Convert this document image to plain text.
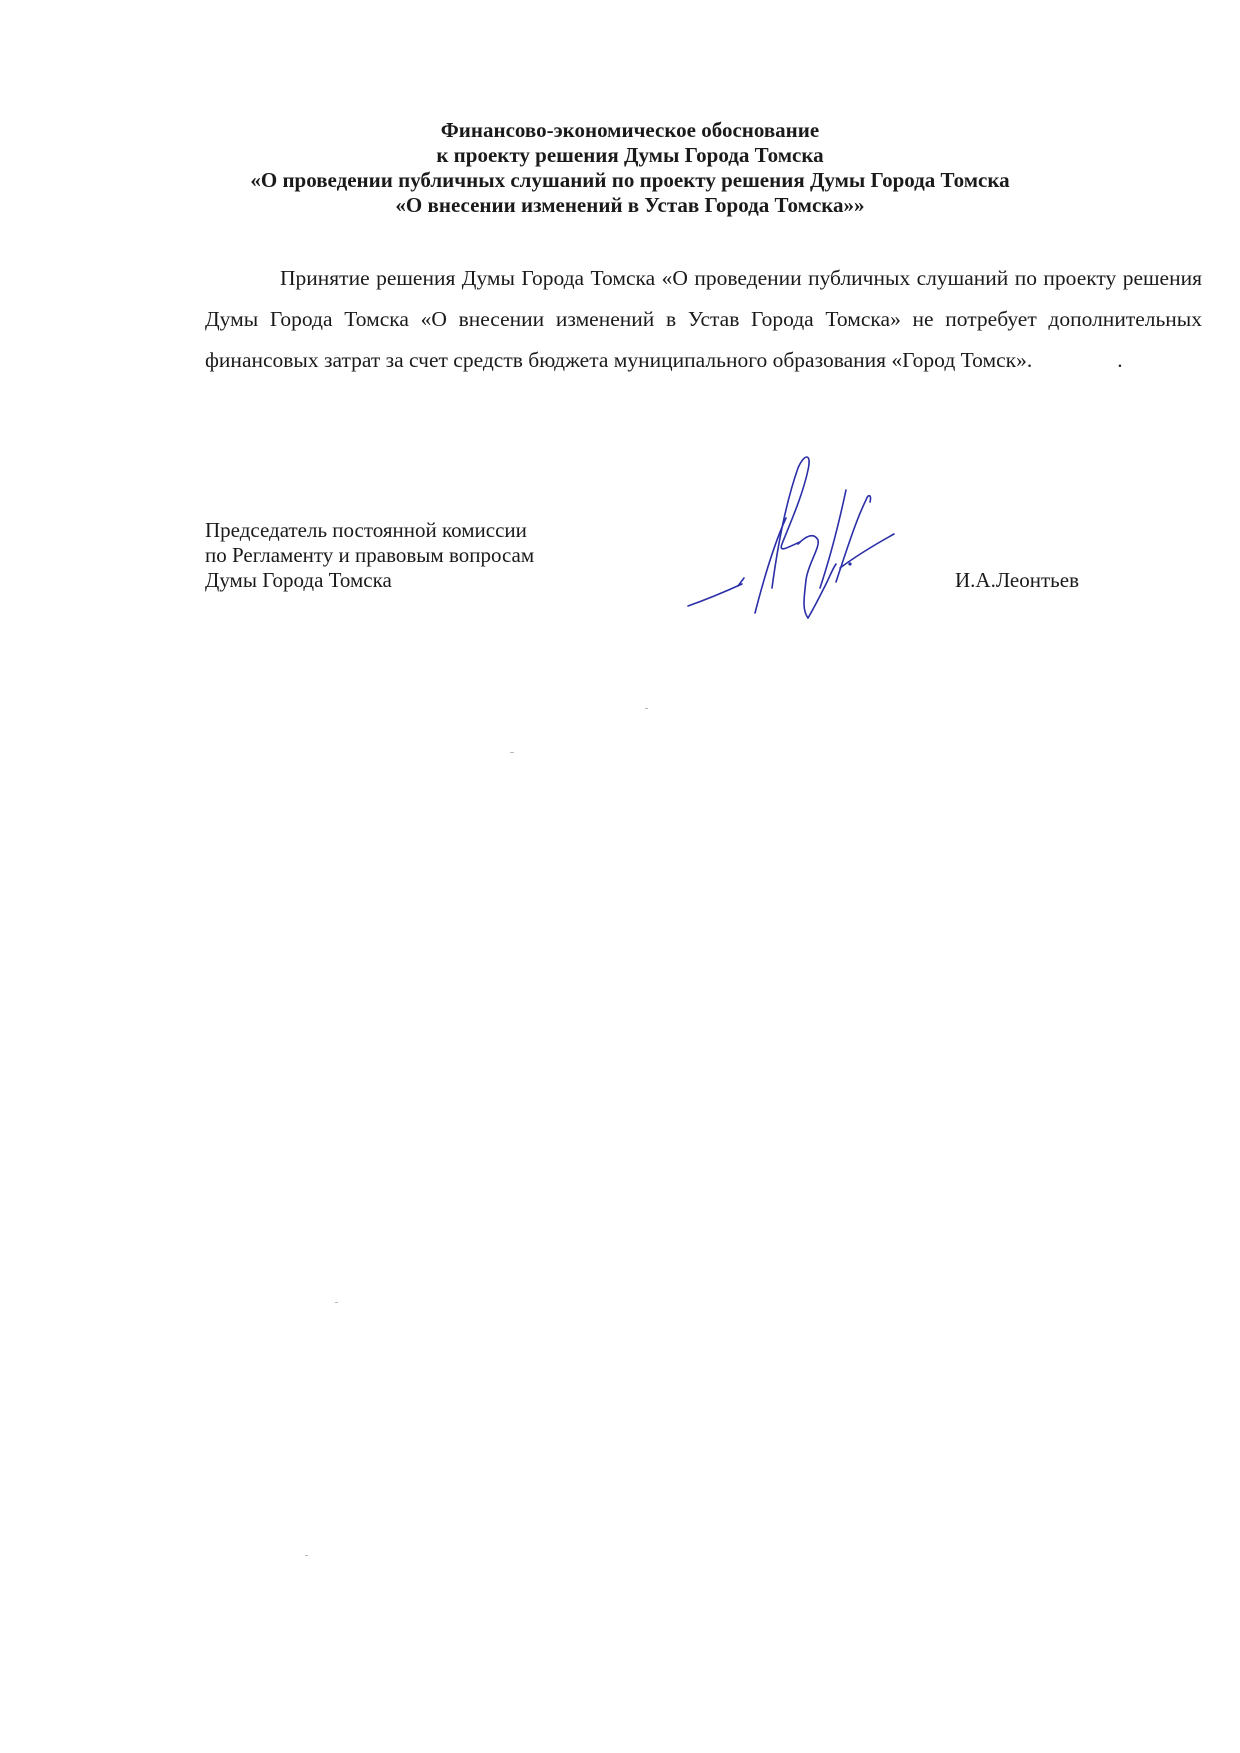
Финансово-экономическое обоснование
к проекту решения Думы Города Томска
«О проведении публичных слушаний по проекту решения Думы Города Томска
«О внесении изменений в Устав Города Томска»»
Принятие решения Думы Города Томска «О проведении публичных слушаний по проекту решения Думы Города Томска «О внесении изменений в Устав Города Томска» не потребует дополнительных финансовых затрат за счет средств бюджета муниципального образования «Город Томск».	.
Председатель постоянной комиссии
по Регламенту и правовым вопросам
Думы Города Томска	И.А.Леонтьев
